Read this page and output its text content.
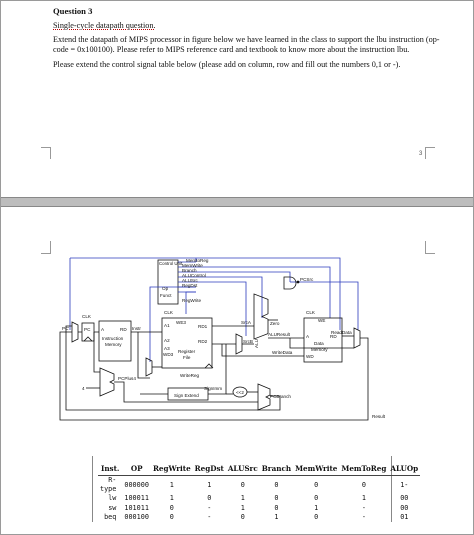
Question 3
Single-cycle datapath question.
Extend the datapath of MIPS processor in figure below we have learned in the class to support the lbu instruction (op-code = 0x100100). Please refer to MIPS reference card and textbook to know more about the instruction lbu.
Please extend the control signal table below (please add on column, row and fill out the numbers 0,1 or -).
3
Control Unit
MemtoReg
MemWrite
Branch
ALUControl
ALUSrc
RegDst
RegWrite
Op
Funct
PCSrc
CLK
CLK	CLK
PC'	PC A	RD
Instruction
Memory
Instr
WE3
A1
A2
A3
WD3
RD1
RD2
Register
File
SrcA
SrcB
Zero
ALUResult
WriteData
ALU
WE
A	RD
Data
Memory
WD
ReadData
WriteReg
SignImm
Sign Extend
PCPlus4
4
PCBranch
<<2
Result
Inst.	OP	RegWrite	RegDst	ALUSrc	Branch	MemWrite	MemToReg	ALUOp
R-type	000000	1	1	0	0	0	0	1-
lw	100011	1	0	1	0	0	1	00
sw	101011	0	-	1	0	1	-	00
beq	000100	0	-	0	1	0	-	01
